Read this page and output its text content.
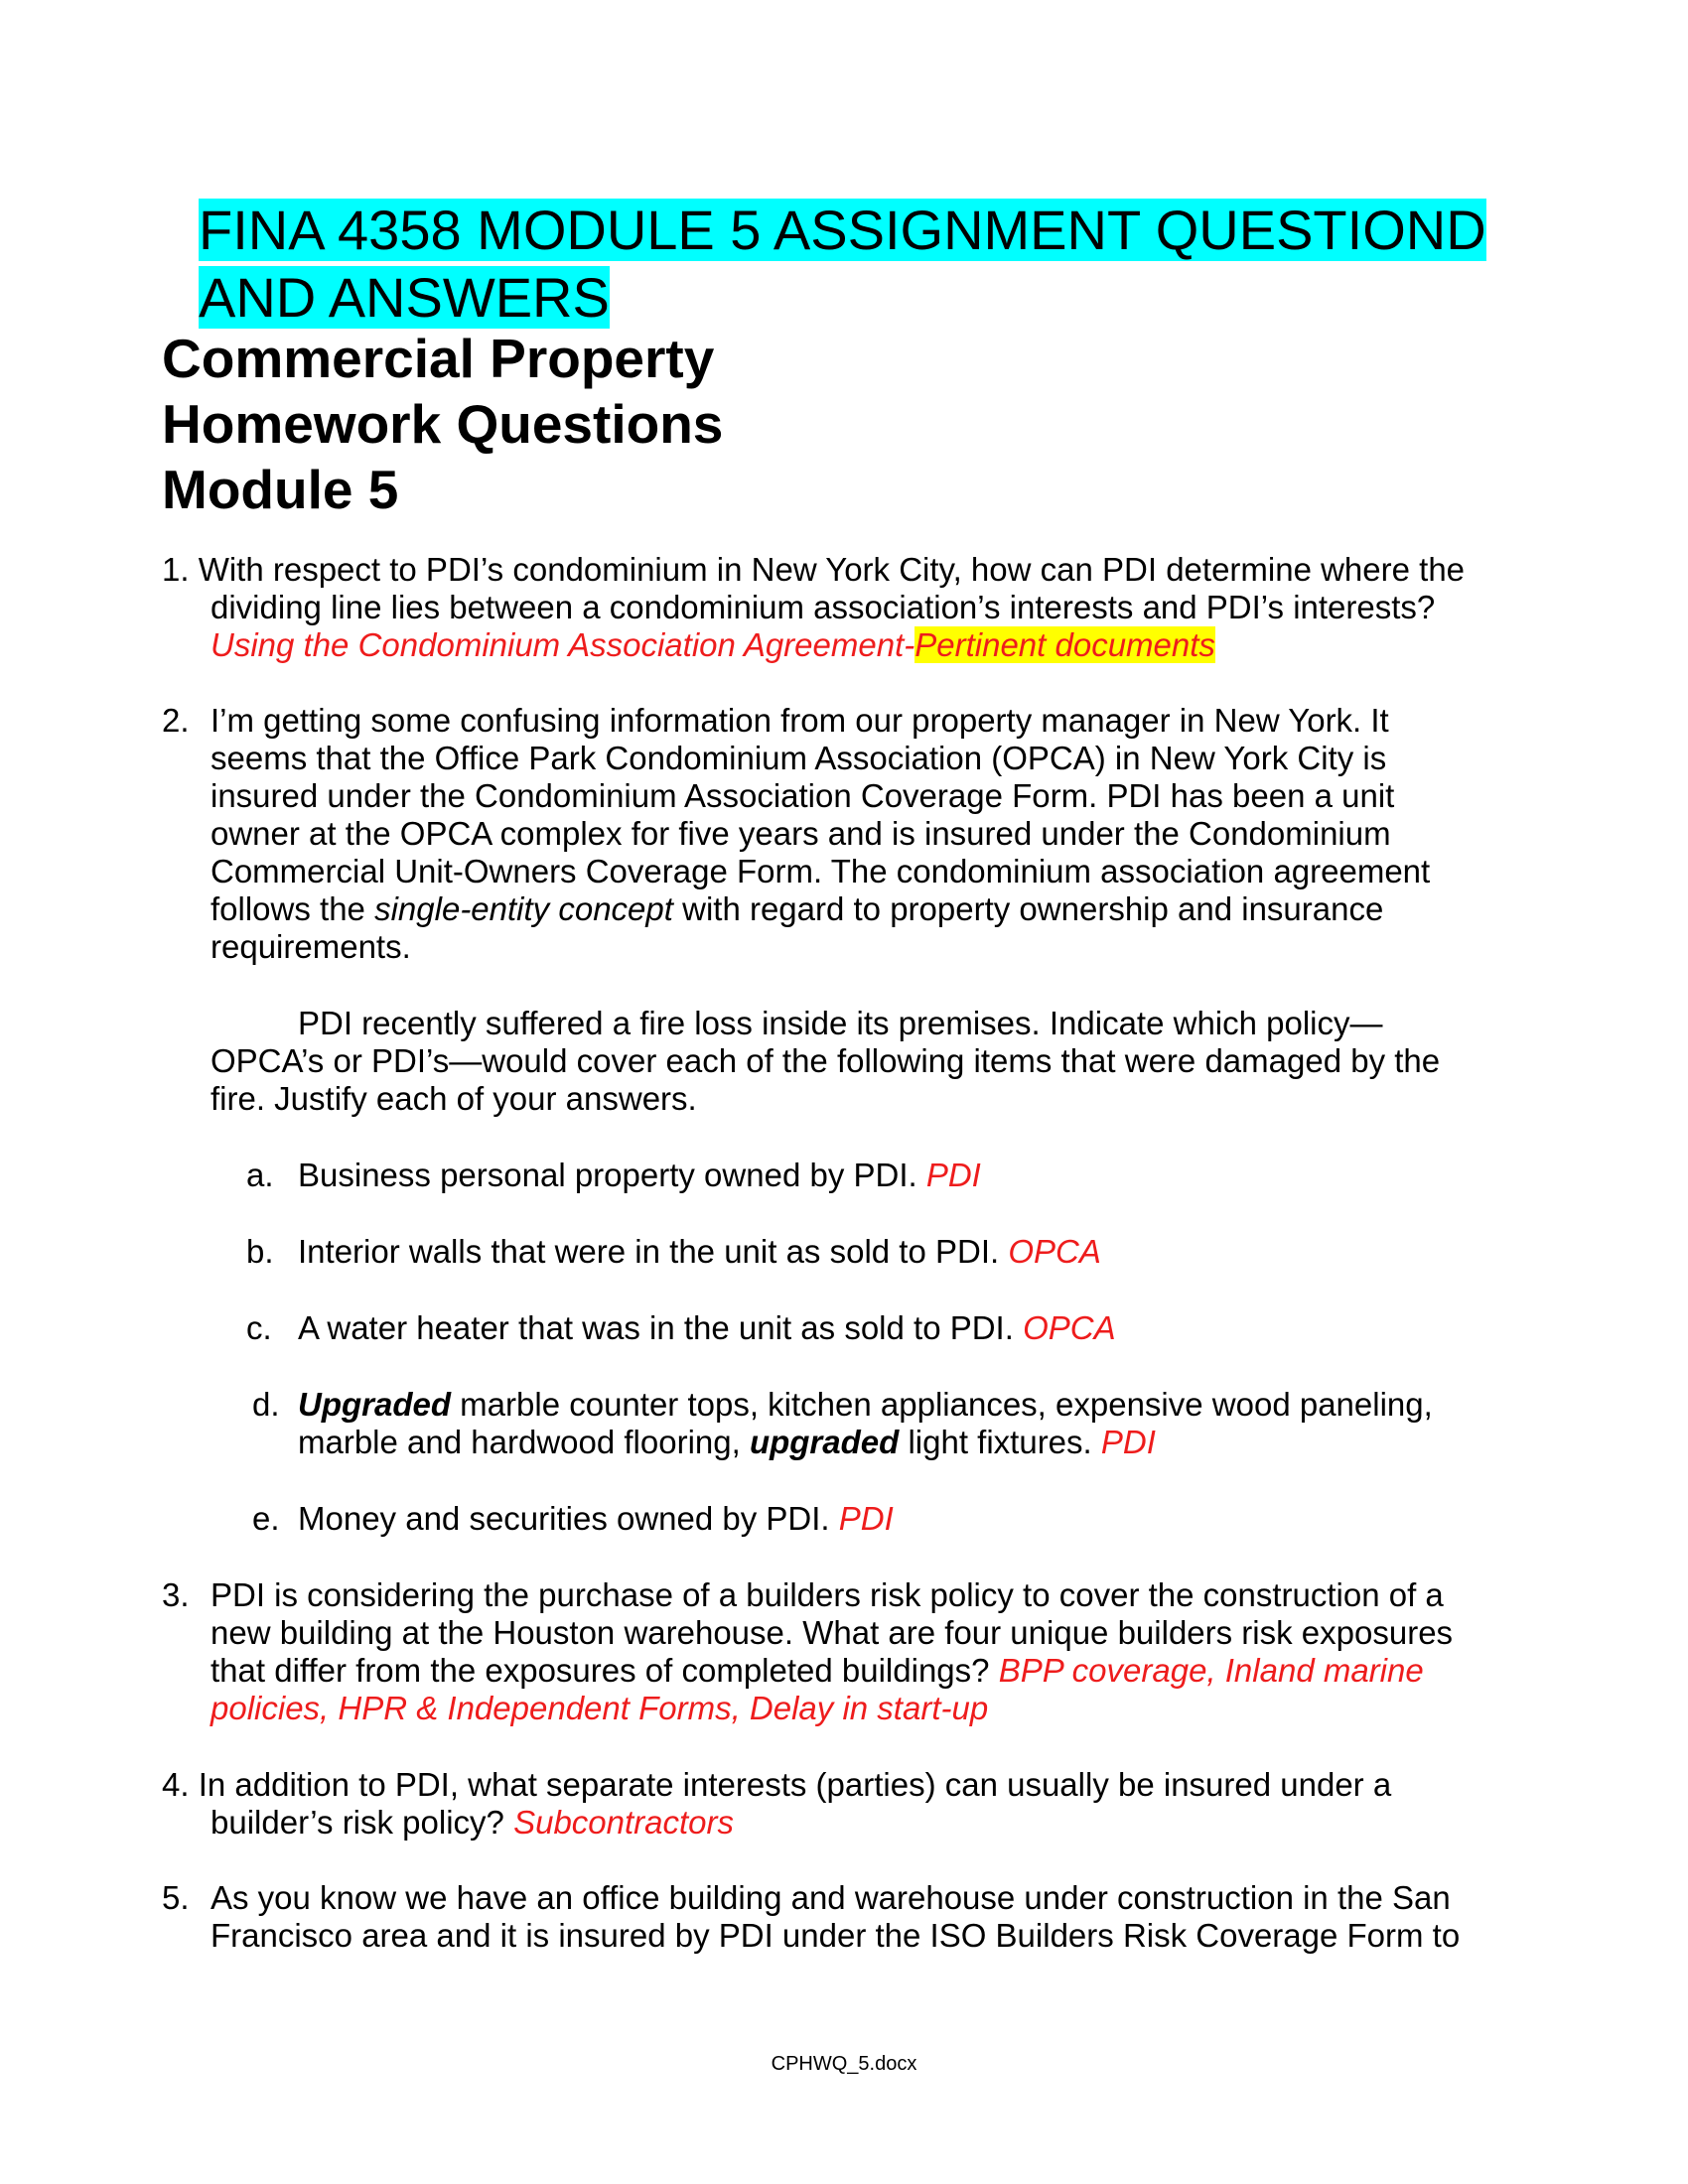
FINA 4358 MODULE 5 ASSIGNMENT QUESTIOND
AND ANSWERS
Commercial Property
Homework Questions
Module 5
1. With respect to PDI’s condominium in New York City, how can PDI determine where the
dividing line lies between a condominium association’s interests and PDI’s interests?
Using the Condominium Association Agreement-Pertinent documents
2. I’m getting some confusing information from our property manager in New York. It
seems that the Office Park Condominium Association (OPCA) in New York City is
insured under the Condominium Association Coverage Form. PDI has been a unit
owner at the OPCA complex for five years and is insured under the Condominium
Commercial Unit-Owners Coverage Form. The condominium association agreement
follows the single-entity concept with regard to property ownership and insurance
requirements.
PDI recently suffered a fire loss inside its premises. Indicate which policy—
OPCA’s or PDI’s—would cover each of the following items that were damaged by the
fire. Justify each of your answers.
a. Business personal property owned by PDI. PDI
b. Interior walls that were in the unit as sold to PDI. OPCA
c. A water heater that was in the unit as sold to PDI. OPCA
d. Upgraded marble counter tops, kitchen appliances, expensive wood paneling,
marble and hardwood flooring, upgraded light fixtures. PDI
e. Money and securities owned by PDI. PDI
3. PDI is considering the purchase of a builders risk policy to cover the construction of a
new building at the Houston warehouse. What are four unique builders risk exposures
that differ from the exposures of completed buildings? BPP coverage, Inland marine
policies, HPR & Independent Forms, Delay in start-up
4. In addition to PDI, what separate interests (parties) can usually be insured under a
builder’s risk policy? Subcontractors
5. As you know we have an office building and warehouse under construction in the San
Francisco area and it is insured by PDI under the ISO Builders Risk Coverage Form to
CPHWQ_5.docx
